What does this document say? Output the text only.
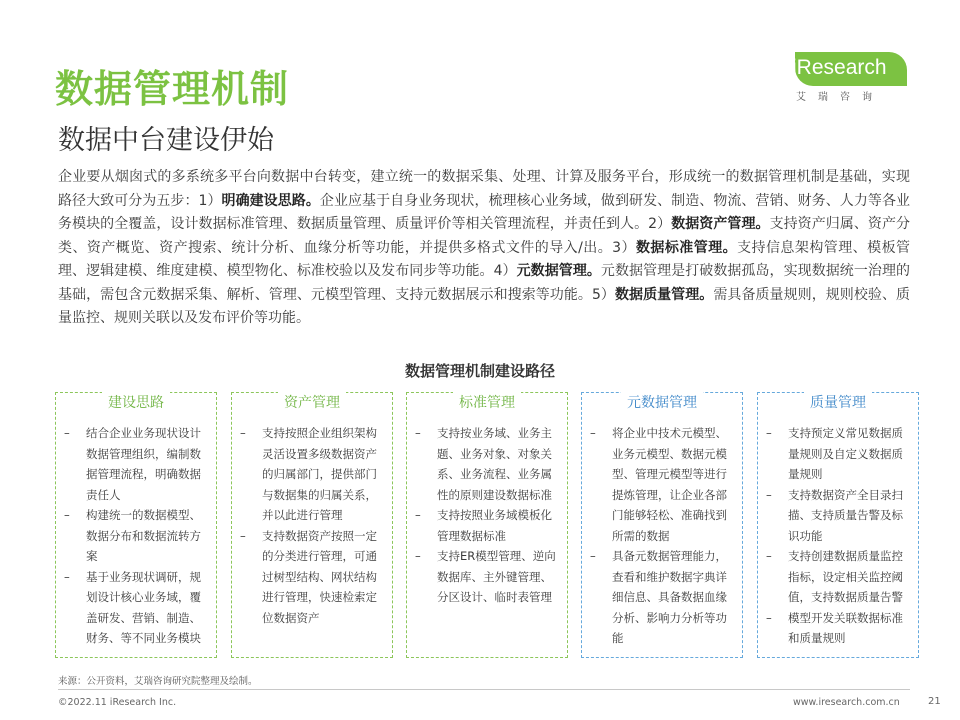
数据管理机制
数据中台建设伊始
iResearch
艾瑞咨询
企业要从烟囱式的多系统多平台向数据中台转变，建立统一的数据采集、处理、计算及服务平台，形成统一的数据管理机制是基础，实现路径大致可分为五步：1）明确建设思路。企业应基于自身业务现状，梳理核心业务域，做到研发、制造、物流、营销、财务、人力等各业务模块的全覆盖，设计数据标准管理、数据质量管理、质量评价等相关管理流程，并责任到人。2）数据资产管理。支持资产归属、资产分类、资产概览、资产搜索、统计分析、血缘分析等功能，并提供多格式文件的导入/出。3）数据标准管理。支持信息架构管理、模板管理、逻辑建模、维度建模、模型物化、标准校验以及发布同步等功能。4）元数据管理。元数据管理是打破数据孤岛，实现数据统一治理的基础，需包含元数据采集、解析、管理、元模型管理、支持元数据展示和搜索等功能。5）数据质量管理。需具备质量规则，规则校验、质量监控、规则关联以及发布评价等功能。
数据管理机制建设路径
建设思路
– 结合企业业务现状设计数据管理组织，编制数据管理流程，明确数据责任人
– 构建统一的数据模型、数据分布和数据流转方案
– 基于业务现状调研，规划设计核心业务域，覆盖研发、营销、制造、财务、等不同业务模块
资产管理
– 支持按照企业组织架构灵活设置多级数据资产的归属部门，提供部门与数据集的归属关系，并以此进行管理
– 支持数据资产按照一定的分类进行管理，可通过树型结构、网状结构进行管理，快速检索定位数据资产
标准管理
– 支持按业务域、业务主题、业务对象、对象关系、业务流程、业务属性的原则建设数据标准
– 支持按照业务域模板化管理数据标准
– 支持ER模型管理、逆向数据库、主外键管理、分区设计、临时表管理
元数据管理
– 将企业中技术元模型、业务元模型、数据元模型、管理元模型等进行提炼管理，让企业各部门能够轻松、准确找到所需的数据
– 具备元数据管理能力，查看和维护数据字典详细信息、具备数据血缘分析、影响力分析等功能
质量管理
– 支持预定义常见数据质量规则及自定义数据质量规则
– 支持数据资产全目录扫描、支持质量告警及标识功能
– 支持创建数据质量监控指标，设定相关监控阈值，支持数据质量告警
– 模型开发关联数据标准和质量规则
来源：公开资料，艾瑞咨询研究院整理及绘制。
©2022.11 iResearch Inc.	www.iresearch.com.cn	21
